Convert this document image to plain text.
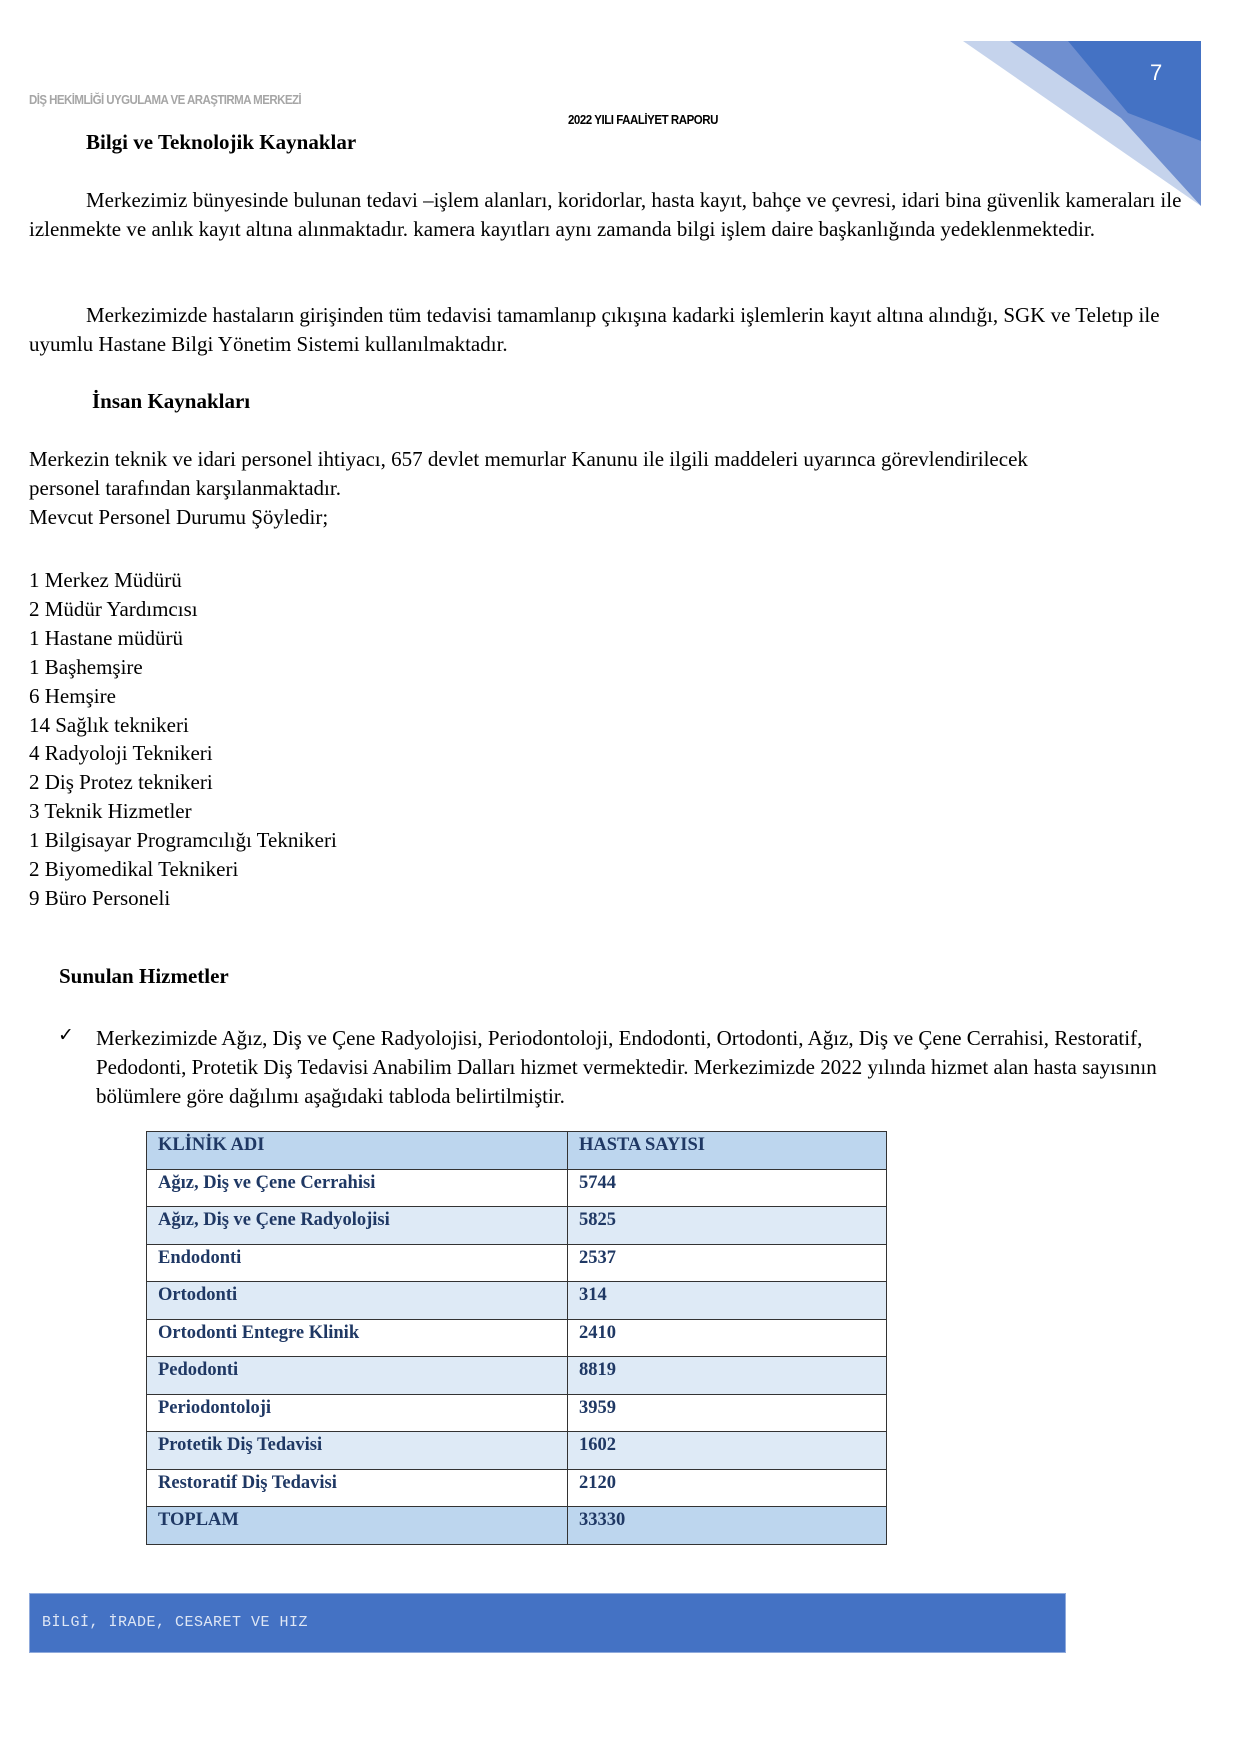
7
DİŞ HEKİMLİĞİ UYGULAMA VE ARAŞTIRMA MERKEZİ
2022 YILI FAALİYET RAPORU
Bilgi ve Teknolojik Kaynaklar
Merkezimiz bünyesinde bulunan tedavi –işlem alanları, koridorlar, hasta kayıt, bahçe ve çevresi, idari bina güvenlik kameraları ile izlenmekte ve anlık kayıt altına alınmaktadır. kamera kayıtları aynı zamanda bilgi işlem daire başkanlığında yedeklenmektedir.
Merkezimizde hastaların girişinden tüm tedavisi tamamlanıp çıkışına kadarki işlemlerin kayıt altına alındığı, SGK ve Teletıp ile uyumlu Hastane Bilgi Yönetim Sistemi kullanılmaktadır.
İnsan Kaynakları
Merkezin teknik ve idari personel ihtiyacı, 657 devlet memurlar Kanunu ile ilgili maddeleri uyarınca görevlendirilecek personel tarafından karşılanmaktadır.
Mevcut Personel Durumu Şöyledir;
1 Merkez Müdürü
2 Müdür Yardımcısı
1 Hastane müdürü
1 Başhemşire
6 Hemşire
14 Sağlık teknikeri
4 Radyoloji Teknikeri
2 Diş Protez teknikeri
3 Teknik Hizmetler
1 Bilgisayar Programcılığı Teknikeri
2 Biyomedikal Teknikeri
9 Büro Personeli
Sunulan Hizmetler
✓ Merkezimizde Ağız, Diş ve Çene Radyolojisi, Periodontoloji, Endodonti, Ortodonti, Ağız, Diş ve Çene Cerrahisi, Restoratif, Pedodonti, Protetik Diş Tedavisi Anabilim Dalları hizmet vermektedir. Merkezimizde 2022 yılında hizmet alan hasta sayısının bölümlere göre dağılımı aşağıdaki tabloda belirtilmiştir.
KLİNİK ADI	HASTA SAYISI
Ağız, Diş ve Çene Cerrahisi	5744
Ağız, Diş ve Çene Radyolojisi	5825
Endodonti	2537
Ortodonti	314
Ortodonti Entegre Klinik	2410
Pedodonti	8819
Periodontoloji	3959
Protetik Diş Tedavisi	1602
Restoratif Diş Tedavisi	2120
TOPLAM	33330
BİLGİ, İRADE, CESARET VE HIZ
